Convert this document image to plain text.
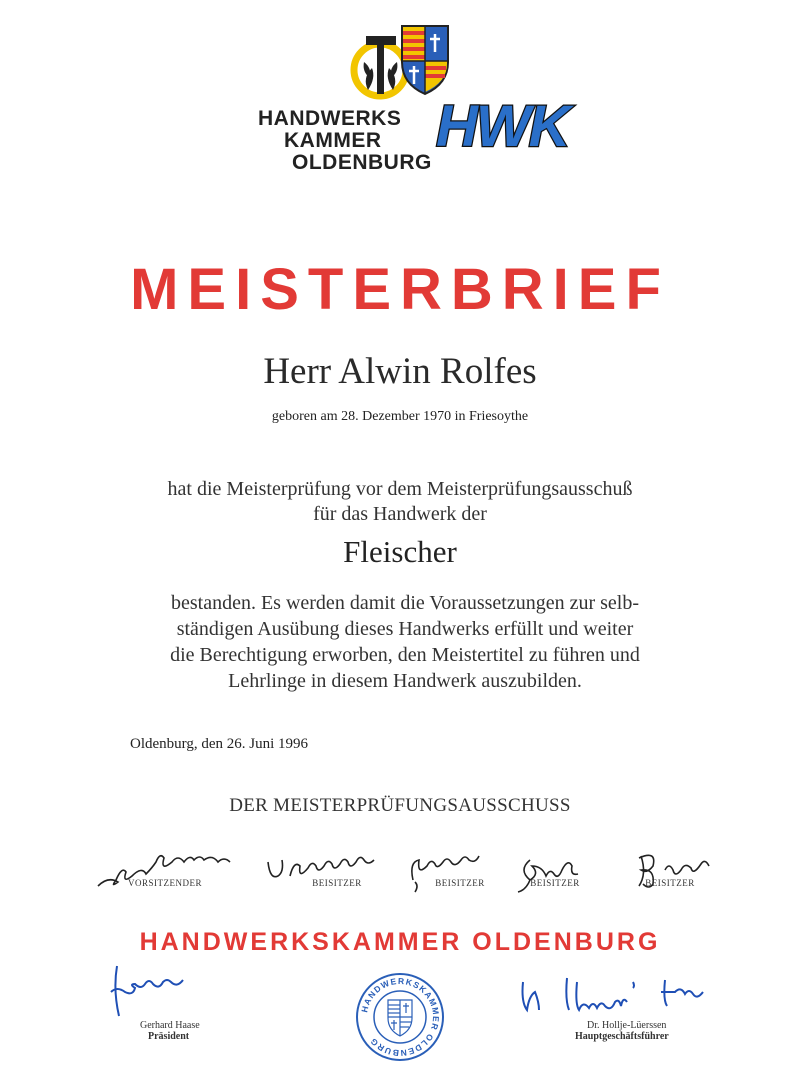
HANDWERKS
KAMMER
OLDENBURG
HWK
MEISTERBRIEF
Herr Alwin Rolfes
geboren am 28. Dezember 1970 in Friesoythe
hat die Meisterprüfung vor dem Meisterprüfungsausschuß
für das Handwerk der
Fleischer
bestanden. Es werden damit die Voraussetzungen zur selb-
ständigen Ausübung dieses Handwerks erfüllt und weiter
die Berechtigung erworben, den Meistertitel zu führen und
Lehrlinge in diesem Handwerk auszubilden.
Oldenburg, den 26. Juni 1996
DER MEISTERPRÜFUNGSAUSSCHUSS
VORSITZENDER	BEISITZER	BEISITZER	BEISITZER	BEISITZER
HANDWERKSKAMMER OLDENBURG
Gerhard Haase
Präsident
HANDWERKSKAMMER OLDENBURG
Dr. Hollje-Lüerssen
Hauptgeschäftsführer
